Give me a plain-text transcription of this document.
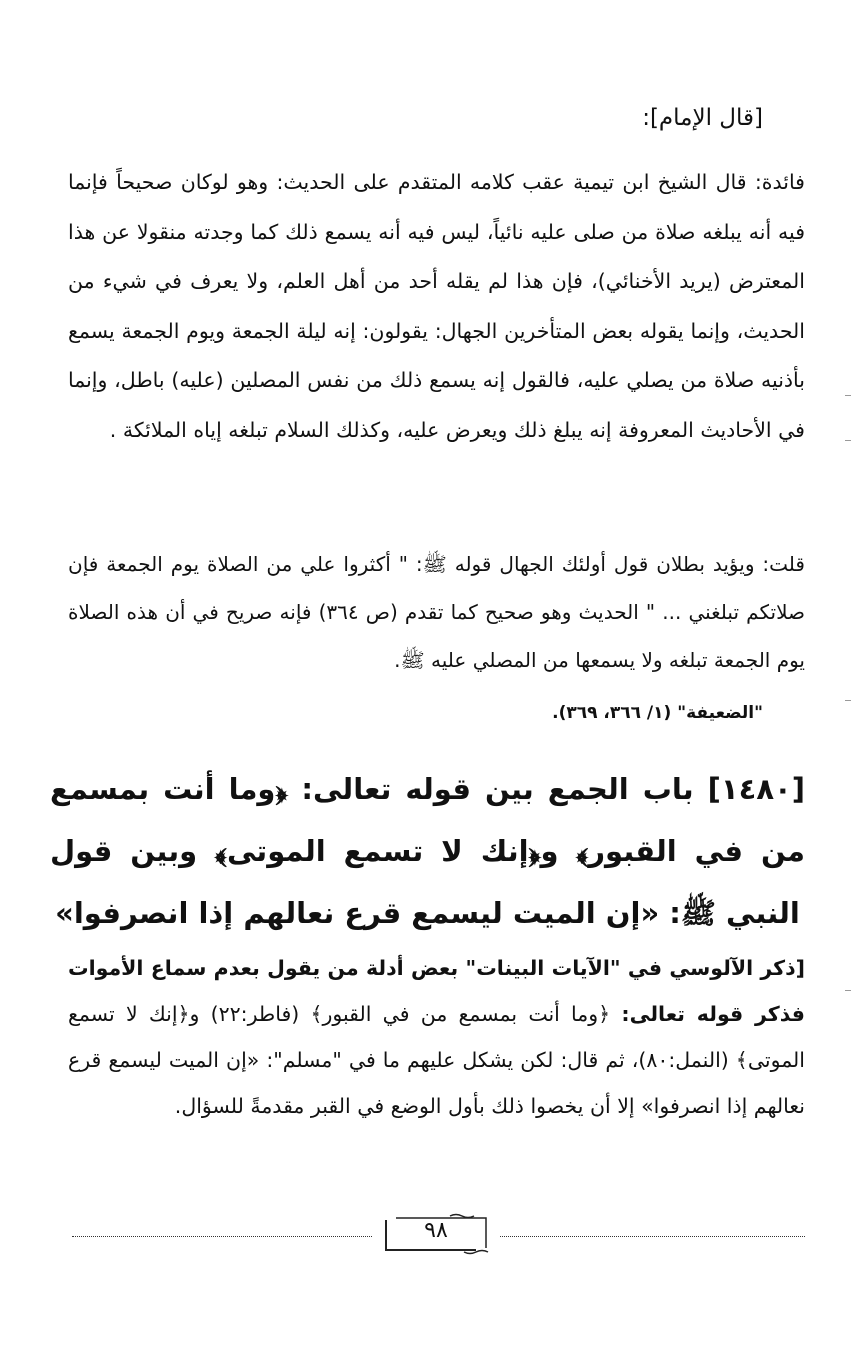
[قال الإمام]:

فائدة: قال الشيخ ابن تيمية عقب كلامه المتقدم على الحديث: وهو لوكان صحيحاً فإنما فيه أنه يبلغه صلاة من صلى عليه نائياً، ليس فيه أنه يسمع ذلك كما وجدته منقولا عن هذا المعترض (يريد الأخنائي)، فإن هذا لم يقله أحد من أهل العلم، ولا يعرف في شيء من الحديث، وإنما يقوله بعض المتأخرين الجهال: يقولون: إنه ليلة الجمعة ويوم الجمعة يسمع بأذنيه صلاة من يصلي عليه، فالقول إنه يسمع ذلك من نفس المصلين (عليه) باطل، وإنما في الأحاديث المعروفة إنه يبلغ ذلك ويعرض عليه، وكذلك السلام تبلغه إياه الملائكة .

قلت: ويؤيد بطلان قول أولئك الجهال قوله ﷺ: " أكثروا علي من الصلاة يوم الجمعة فإن صلاتكم تبلغني ... " الحديث وهو صحيح كما تقدم (ص ٣٦٤) فإنه صريح في أن هذه الصلاة يوم الجمعة تبلغه ولا يسمعها من المصلي عليه ﷺ.

"الضعيفة" (١/ ٣٦٦، ٣٦٩).

[١٤٨٠] باب الجمع بين قوله تعالى: ﴿وما أنت بمسمع من في القبور﴾ و﴿إنك لا تسمع الموتى﴾ وبين قول النبي ﷺ: «إن الميت ليسمع قرع نعالهم إذا انصرفوا»

[ذكر الآلوسي في "الآيات البينات" بعض أدلة من يقول بعدم سماع الأموات فذكر قوله تعالى: ﴿وما أنت بمسمع من في القبور﴾ (فاطر:٢٢) و﴿إنك لا تسمع الموتى﴾ (النمل:٨٠)، ثم قال: لكن يشكل عليهم ما في "مسلم": «إن الميت ليسمع قرع نعالهم إذا انصرفوا» إلا أن يخصوا ذلك بأول الوضع في القبر مقدمةً للسؤال.

٩٨
